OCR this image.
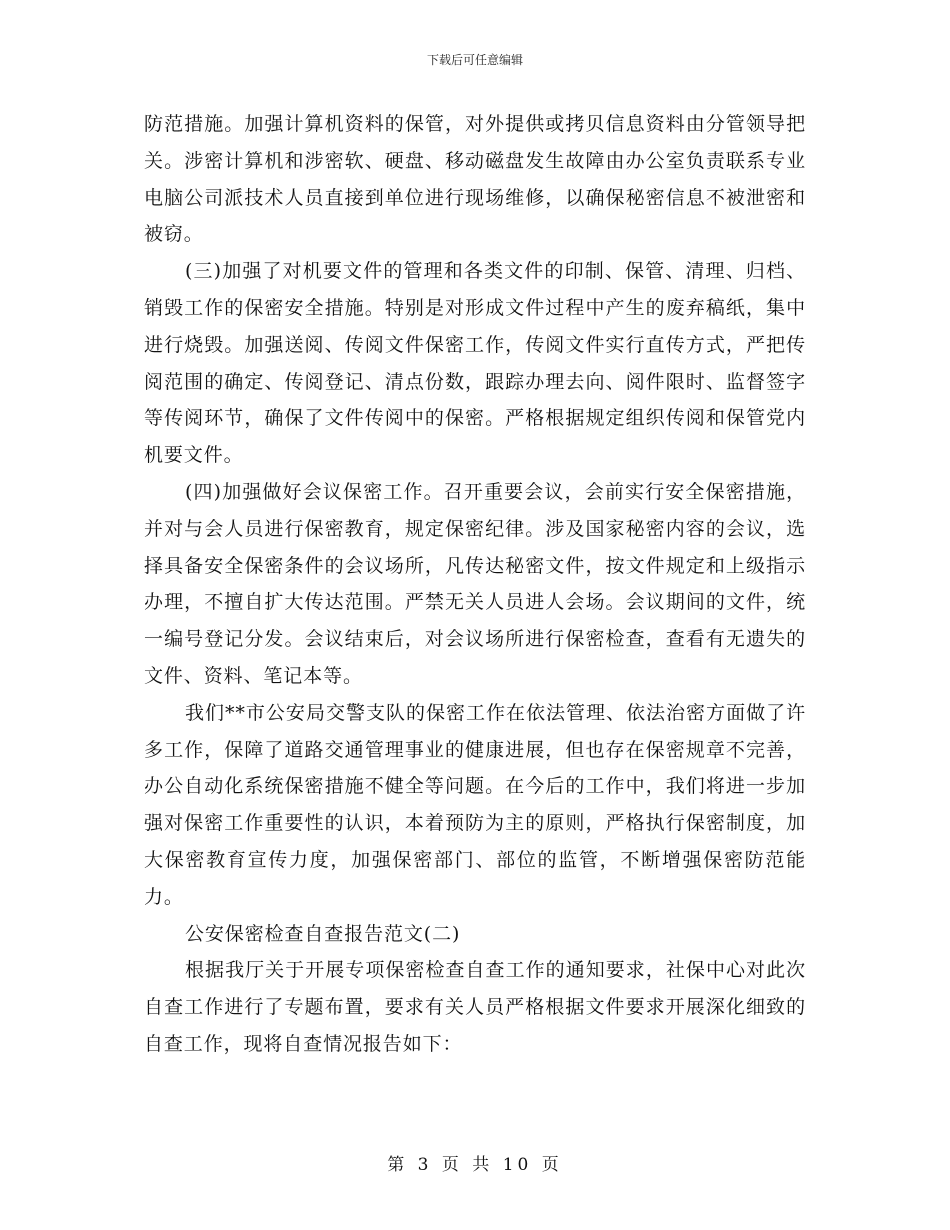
下载后可任意编辑

防范措施。加强计算机资料的保管，对外提供或拷贝信息资料由分管领导把关。涉密计算机和涉密软、硬盘、移动磁盘发生故障由办公室负责联系专业电脑公司派技术人员直接到单位进行现场维修，以确保秘密信息不被泄密和被窃。

(三)加强了对机要文件的管理和各类文件的印制、保管、清理、归档、销毁工作的保密安全措施。特别是对形成文件过程中产生的废弃稿纸，集中进行烧毁。加强送阅、传阅文件保密工作，传阅文件实行直传方式，严把传阅范围的确定、传阅登记、清点份数，跟踪办理去向、阅件限时、监督签字等传阅环节，确保了文件传阅中的保密。严格根据规定组织传阅和保管党内机要文件。

(四)加强做好会议保密工作。召开重要会议，会前实行安全保密措施，并对与会人员进行保密教育，规定保密纪律。涉及国家秘密内容的会议，选择具备安全保密条件的会议场所，凡传达秘密文件，按文件规定和上级指示办理，不擅自扩大传达范围。严禁无关人员进人会场。会议期间的文件，统一编号登记分发。会议结束后，对会议场所进行保密检查，查看有无遗失的文件、资料、笔记本等。

我们**市公安局交警支队的保密工作在依法管理、依法治密方面做了许多工作，保障了道路交通管理事业的健康进展，但也存在保密规章不完善，办公自动化系统保密措施不健全等问题。在今后的工作中，我们将进一步加强对保密工作重要性的认识，本着预防为主的原则，严格执行保密制度，加大保密教育宣传力度，加强保密部门、部位的监管，不断增强保密防范能力。

公安保密检查自查报告范文(二)

根据我厅关于开展专项保密检查自查工作的通知要求，社保中心对此次自查工作进行了专题布置，要求有关人员严格根据文件要求开展深化细致的自查工作，现将自查情况报告如下：

第 3 页 共 10 页
